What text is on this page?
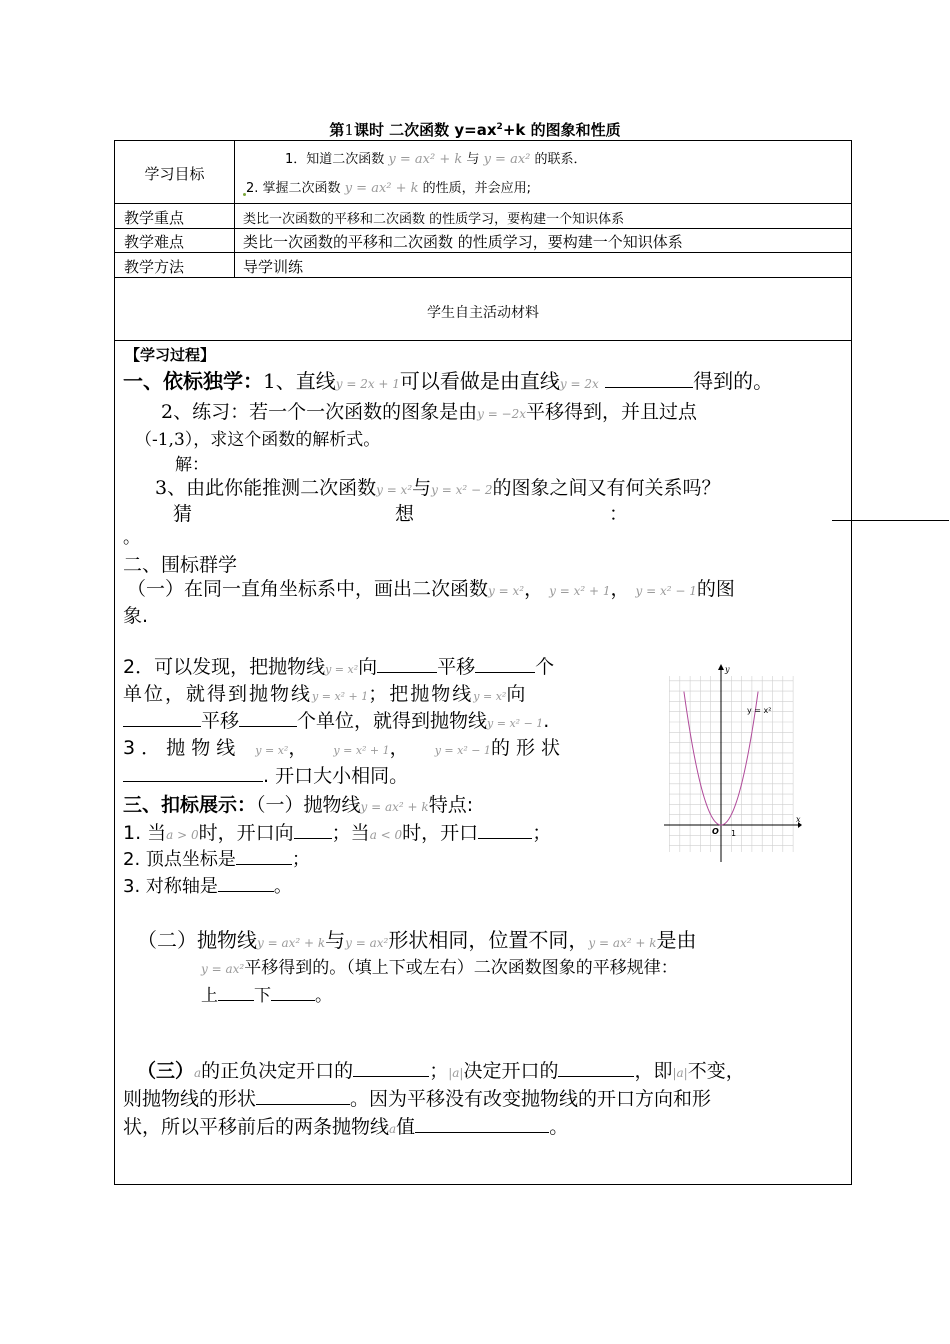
第1课时 二次函数 $y=ax^2+k$ 的图象和性质
学习目标
1．知道二次函数 y = ax² + k 与 y = ax² 的联系．
2. 掌握二次函数 y = ax² + k 的性质，并会应用;
教学重点	类比一次函数的平移和二次函数 的性质学习，要构建一个知识体系
教学难点	类比一次函数的平移和二次函数 的性质学习，要构建一个知识体系
教学方法	导学训练
学生自主活动材料
【学习过程】
一、依标独学：1、直线y = 2x + 1可以看做是由直线y = 2x	得到的。
2、练习：若一个一次函数的图象是由y = −2x平移得到，并且过点
（-1,3），求这个函数的解析式。
解：
3、由此你能推测二次函数y = x²与y = x² − 2的图象之间又有何关系吗？
猜	想	：
。
二、围标群学
（一）在同一直角坐标系中，画出二次函数y = x²， y = x² + 1， y = x² − 1的图
象.
2．可以发现，把抛物线y = x²向	平移	个
单位，就得到抛物线y = x² + 1；把抛物线y = x²向
平移	个单位，就得到抛物线y = x² − 1.
3 ． 抛 物 线 y = x²， y = x² + 1， y = x² − 1的 形 状
. 开口大小相同。
三、扣标展示：（一）抛物线y = ax² + k特点:
1. 当a > 0时，开口向 ；当a < 0时，开口	；
2. 顶点坐标是	；
3. 对称轴是	。
（二）抛物线y = ax² + k与y = ax²形状相同，位置不同，y = ax² + k是由
y = ax²平移得到的。（填上下或左右）二次函数图象的平移规律：
上 下	。
（三）a的正负决定开口的	；|a|决定开口的	，即|a|不变，
则抛物线的形状	。因为平移没有改变抛物线的开口方向和形
状，所以平移前后的两条抛物线a值	。
y
x
O 1
y = x²
